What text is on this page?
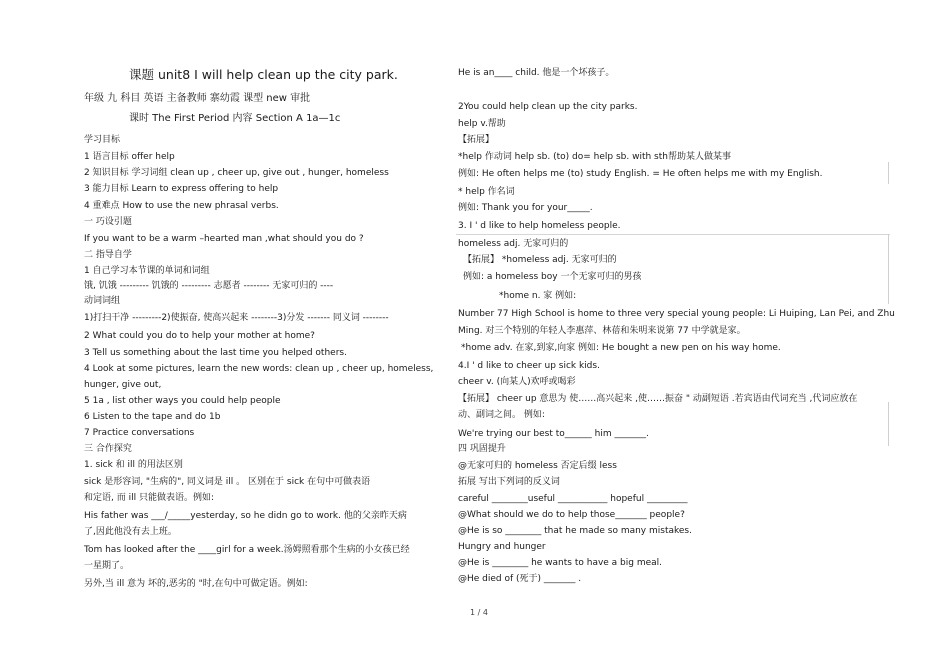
课题 unit8 I will help clean up the city park.
年级 九 科目 英语 主备教师 寨幼霞 课型 new 审批
课时 The First Period 内容 Section A 1a—1c
学习目标
1 语言目标 offer help
2 知识目标 学习词组 clean up , cheer up, give out , hunger, homeless
3 能力目标 Learn to express offering to help
4 重难点 How to use the new phrasal verbs.
一 巧设引题
If you want to be a warm –hearted man ,what should you do ?
二 指导自学
1 自己学习本节课的单词和词组
饿, 饥饿 --------- 饥饿的 --------- 志愿者 -------- 无家可归的 ----
动词词组
1)打扫干净 ---------2)使振奋, 使高兴起来 --------3)分发 ------- 同义词 --------
2 What could you do to help your mother at home?
3 Tell us something about the last time you helped others.
4 Look at some pictures, learn the new words: clean up , cheer up, homeless,
hunger, give out,
5 1a , list other ways you could help people
6 Listen to the tape and do 1b
7 Practice conversations
三 合作探究
1. sick 和 ill 的用法区别
sick 是形容词, "生病的", 同义词是 ill 。 区别在于 sick 在句中可做表语
和定语, 而 ill 只能做表语。例如:
His father was ___/_____yesterday, so he didn go to work. 他的父亲昨天病
了,因此他没有去上班。
Tom has looked after the ____girl for a week.汤姆照看那个生病的小女孩已经
一星期了。
另外,当 ill 意为 坏的,恶劣的 "时,在句中可做定语。例如:
He is an____ child. 他是一个坏孩子。
2You could help clean up the city parks.
help v.帮助
【拓展】
*help 作动词 help sb. (to) do= help sb. with sth帮助某人做某事
例如: He often helps me (to) study English. = He often helps me with my English.
* help 作名词
例如: Thank you for your_____.
3. I ' d like to help homeless people.
homeless adj. 无家可归的
【拓展】 *homeless adj. 无家可归的
例如: a homeless boy 一个无家可归的男孩
*home n. 家 例如:
Number 77 High School is home to three very special young people: Li Huiping, Lan Pei, and Zhu
Ming. 对三个特别的年轻人李惠萍、林蓓和朱明来说第 77 中学就是家。
*home adv. 在家,到家,向家 例如: He bought a new pen on his way home.
4.I ' d like to cheer up sick kids.
cheer v. (向某人)欢呼或喝彩
【拓展】 cheer up 意思为 使……高兴起来 ,使……振奋 " 动副短语 .若宾语由代词充当 ,代词应放在
动、副词之间。 例如:
We're trying our best to______ him _______.
四 巩固提升
@无家可归的 homeless 否定后缀 less
拓展 写出下列词的反义词
careful ________useful ___________ hopeful _________
@What should we do to help those_______ people?
@He is so ________ that he made so many mistakes.
Hungry and hunger
@He is ________ he wants to have a big meal.
@He died of (死于) _______ .
1 / 4
